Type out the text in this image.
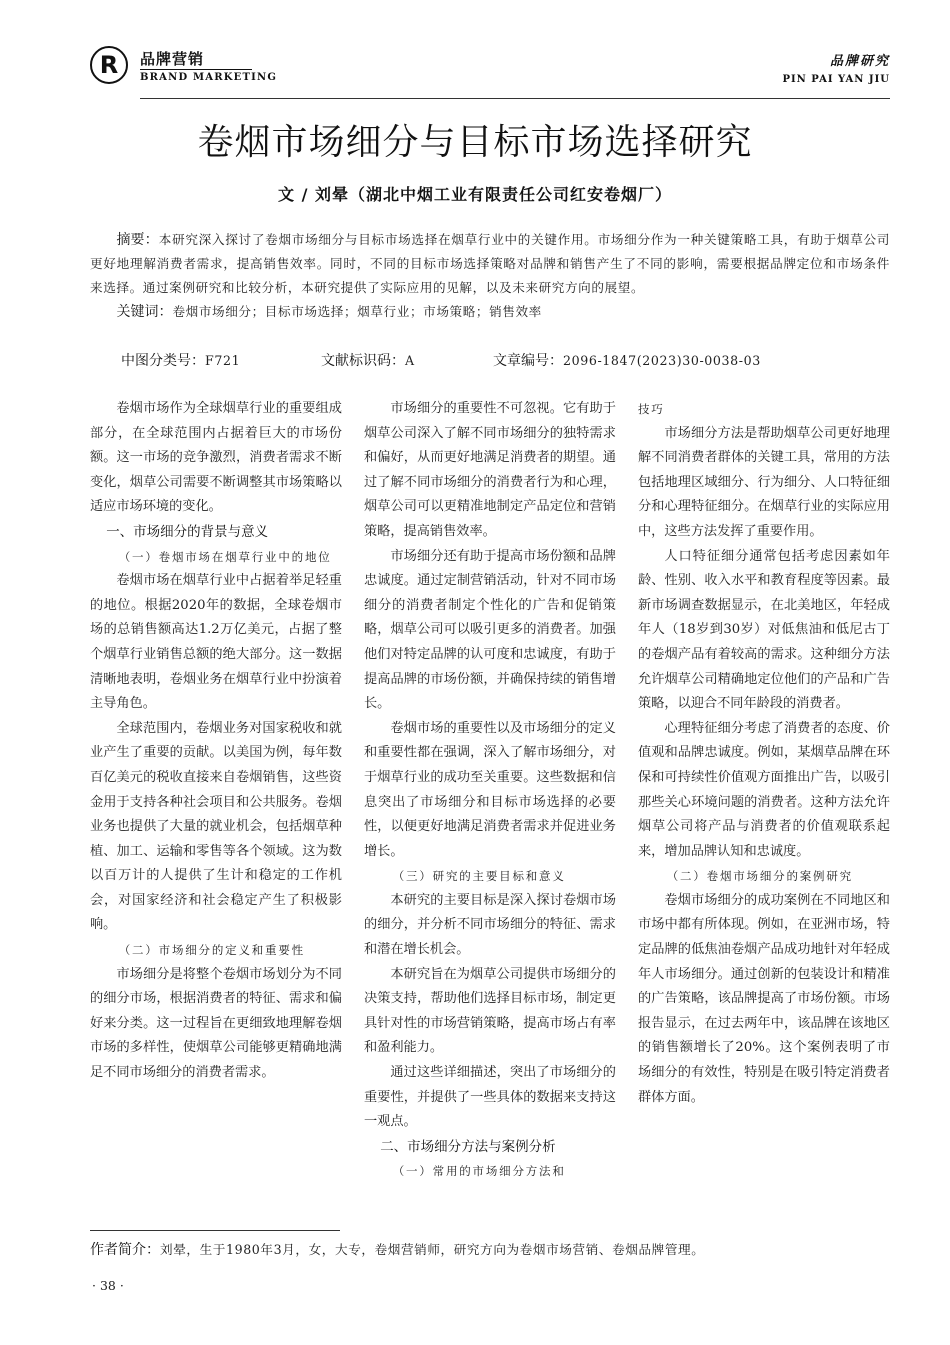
R 品牌营销
BRAND MARKETING
品牌研究
PIN PAI YAN JIU
卷烟市场细分与目标市场选择研究
文 / 刘晕（湖北中烟工业有限责任公司红安卷烟厂）

摘要：本研究深入探讨了卷烟市场细分与目标市场选择在烟草行业中的关键作用。市场细分作为一种关键策略工具，有助于烟草公司更好地理解消费者需求，提高销售效率。同时，不同的目标市场选择策略对品牌和销售产生了不同的影响，需要根据品牌定位和市场条件来选择。通过案例研究和比较分析，本研究提供了实际应用的见解，以及未来研究方向的展望。

关键词：卷烟市场细分；目标市场选择；烟草行业；市场策略；销售效率

中图分类号：F721	文献标识码：A	文章编号：2096-1847(2023)30-0038-03

卷烟市场作为全球烟草行业的重要组成部分，在全球范围内占据着巨大的市场份额。这一市场的竞争激烈，消费者需求不断变化，烟草公司需要不断调整其市场策略以适应市场环境的变化。

一、市场细分的背景与意义

（一）卷烟市场在烟草行业中的地位

卷烟市场在烟草行业中占据着举足轻重的地位。根据2020年的数据，全球卷烟市场的总销售额高达1.2万亿美元，占据了整个烟草行业销售总额的绝大部分。这一数据清晰地表明，卷烟业务在烟草行业中扮演着主导角色。

全球范围内，卷烟业务对国家税收和就业产生了重要的贡献。以美国为例，每年数百亿美元的税收直接来自卷烟销售，这些资金用于支持各种社会项目和公共服务。卷烟业务也提供了大量的就业机会，包括烟草种植、加工、运输和零售等各个领域。这为数以百万计的人提供了生计和稳定的工作机会，对国家经济和社会稳定产生了积极影响。

（二）市场细分的定义和重要性

市场细分是将整个卷烟市场划分为不同的细分市场，根据消费者的特征、需求和偏好来分类。这一过程旨在更细致地理解卷烟市场的多样性，使烟草公司能够更精确地满足不同市场细分的消费者需求。

市场细分的重要性不可忽视。它有助于烟草公司深入了解不同市场细分的独特需求和偏好，从而更好地满足消费者的期望。通过了解不同市场细分的消费者行为和心理，烟草公司可以更精准地制定产品定位和营销策略，提高销售效率。

市场细分还有助于提高市场份额和品牌忠诚度。通过定制营销活动，针对不同市场细分的消费者制定个性化的广告和促销策略，烟草公司可以吸引更多的消费者。加强他们对特定品牌的认可度和忠诚度，有助于提高品牌的市场份额，并确保持续的销售增长。

卷烟市场的重要性以及市场细分的定义和重要性都在强调，深入了解市场细分，对于烟草行业的成功至关重要。这些数据和信息突出了市场细分和目标市场选择的必要性，以便更好地满足消费者需求并促进业务增长。

（三）研究的主要目标和意义

本研究的主要目标是深入探讨卷烟市场的细分，并分析不同市场细分的特征、需求和潜在增长机会。

本研究旨在为烟草公司提供市场细分的决策支持，帮助他们选择目标市场，制定更具针对性的市场营销策略，提高市场占有率和盈利能力。

通过这些详细描述，突出了市场细分的重要性，并提供了一些具体的数据来支持这一观点。

二、市场细分方法与案例分析

（一）常用的市场细分方法和

技巧

市场细分方法是帮助烟草公司更好地理解不同消费者群体的关键工具，常用的方法包括地理区域细分、行为细分、人口特征细分和心理特征细分。在烟草行业的实际应用中，这些方法发挥了重要作用。

人口特征细分通常包括考虑因素如年龄、性别、收入水平和教育程度等因素。最新市场调查数据显示，在北美地区，年轻成年人（18岁到30岁）对低焦油和低尼古丁的卷烟产品有着较高的需求。这种细分方法允许烟草公司精确地定位他们的产品和广告策略，以迎合不同年龄段的消费者。

心理特征细分考虑了消费者的态度、价值观和品牌忠诚度。例如，某烟草品牌在环保和可持续性价值观方面推出广告，以吸引那些关心环境问题的消费者。这种方法允许烟草公司将产品与消费者的价值观联系起来，增加品牌认知和忠诚度。

（二）卷烟市场细分的案例研究

卷烟市场细分的成功案例在不同地区和市场中都有所体现。例如，在亚洲市场，特定品牌的低焦油卷烟产品成功地针对年轻成年人市场细分。通过创新的包装设计和精准的广告策略，该品牌提高了市场份额。市场报告显示，在过去两年中，该品牌在该地区的销售额增长了20%。这个案例表明了市场细分的有效性，特别是在吸引特定消费者群体方面。

作者简介：刘晕，生于1980年3月，女，大专，卷烟营销师，研究方向为卷烟市场营销、卷烟品牌管理。
· 38 ·
